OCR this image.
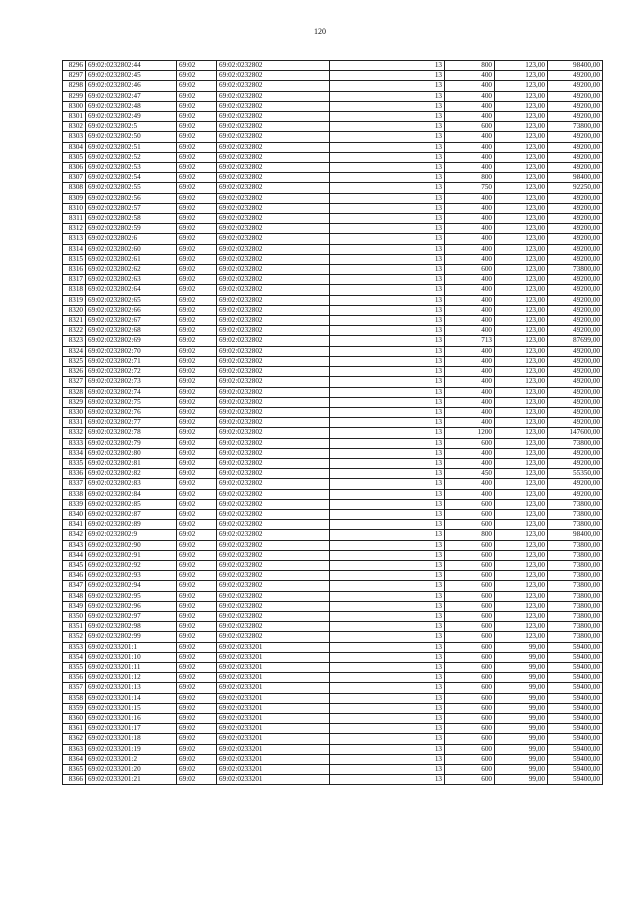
120
8296	69:02:0232802:44	69:02	69:02:0232802	13	800	123,00	98400,00
8297	69:02:0232802:45	69:02	69:02:0232802	13	400	123,00	49200,00
8298	69:02:0232802:46	69:02	69:02:0232802	13	400	123,00	49200,00
8299	69:02:0232802:47	69:02	69:02:0232802	13	400	123,00	49200,00
8300	69:02:0232802:48	69:02	69:02:0232802	13	400	123,00	49200,00
8301	69:02:0232802:49	69:02	69:02:0232802	13	400	123,00	49200,00
8302	69:02:0232802:5	69:02	69:02:0232802	13	600	123,00	73800,00
8303	69:02:0232802:50	69:02	69:02:0232802	13	400	123,00	49200,00
8304	69:02:0232802:51	69:02	69:02:0232802	13	400	123,00	49200,00
8305	69:02:0232802:52	69:02	69:02:0232802	13	400	123,00	49200,00
8306	69:02:0232802:53	69:02	69:02:0232802	13	400	123,00	49200,00
8307	69:02:0232802:54	69:02	69:02:0232802	13	800	123,00	98400,00
8308	69:02:0232802:55	69:02	69:02:0232802	13	750	123,00	92250,00
8309	69:02:0232802:56	69:02	69:02:0232802	13	400	123,00	49200,00
8310	69:02:0232802:57	69:02	69:02:0232802	13	400	123,00	49200,00
8311	69:02:0232802:58	69:02	69:02:0232802	13	400	123,00	49200,00
8312	69:02:0232802:59	69:02	69:02:0232802	13	400	123,00	49200,00
8313	69:02:0232802:6	69:02	69:02:0232802	13	400	123,00	49200,00
8314	69:02:0232802:60	69:02	69:02:0232802	13	400	123,00	49200,00
8315	69:02:0232802:61	69:02	69:02:0232802	13	400	123,00	49200,00
8316	69:02:0232802:62	69:02	69:02:0232802	13	600	123,00	73800,00
8317	69:02:0232802:63	69:02	69:02:0232802	13	400	123,00	49200,00
8318	69:02:0232802:64	69:02	69:02:0232802	13	400	123,00	49200,00
8319	69:02:0232802:65	69:02	69:02:0232802	13	400	123,00	49200,00
8320	69:02:0232802:66	69:02	69:02:0232802	13	400	123,00	49200,00
8321	69:02:0232802:67	69:02	69:02:0232802	13	400	123,00	49200,00
8322	69:02:0232802:68	69:02	69:02:0232802	13	400	123,00	49200,00
8323	69:02:0232802:69	69:02	69:02:0232802	13	713	123,00	87699,00
8324	69:02:0232802:70	69:02	69:02:0232802	13	400	123,00	49200,00
8325	69:02:0232802:71	69:02	69:02:0232802	13	400	123,00	49200,00
8326	69:02:0232802:72	69:02	69:02:0232802	13	400	123,00	49200,00
8327	69:02:0232802:73	69:02	69:02:0232802	13	400	123,00	49200,00
8328	69:02:0232802:74	69:02	69:02:0232802	13	400	123,00	49200,00
8329	69:02:0232802:75	69:02	69:02:0232802	13	400	123,00	49200,00
8330	69:02:0232802:76	69:02	69:02:0232802	13	400	123,00	49200,00
8331	69:02:0232802:77	69:02	69:02:0232802	13	400	123,00	49200,00
8332	69:02:0232802:78	69:02	69:02:0232802	13	1200	123,00	147600,00
8333	69:02:0232802:79	69:02	69:02:0232802	13	600	123,00	73800,00
8334	69:02:0232802:80	69:02	69:02:0232802	13	400	123,00	49200,00
8335	69:02:0232802:81	69:02	69:02:0232802	13	400	123,00	49200,00
8336	69:02:0232802:82	69:02	69:02:0232802	13	450	123,00	55350,00
8337	69:02:0232802:83	69:02	69:02:0232802	13	400	123,00	49200,00
8338	69:02:0232802:84	69:02	69:02:0232802	13	400	123,00	49200,00
8339	69:02:0232802:85	69:02	69:02:0232802	13	600	123,00	73800,00
8340	69:02:0232802:87	69:02	69:02:0232802	13	600	123,00	73800,00
8341	69:02:0232802:89	69:02	69:02:0232802	13	600	123,00	73800,00
8342	69:02:0232802:9	69:02	69:02:0232802	13	800	123,00	98400,00
8343	69:02:0232802:90	69:02	69:02:0232802	13	600	123,00	73800,00
8344	69:02:0232802:91	69:02	69:02:0232802	13	600	123,00	73800,00
8345	69:02:0232802:92	69:02	69:02:0232802	13	600	123,00	73800,00
8346	69:02:0232802:93	69:02	69:02:0232802	13	600	123,00	73800,00
8347	69:02:0232802:94	69:02	69:02:0232802	13	600	123,00	73800,00
8348	69:02:0232802:95	69:02	69:02:0232802	13	600	123,00	73800,00
8349	69:02:0232802:96	69:02	69:02:0232802	13	600	123,00	73800,00
8350	69:02:0232802:97	69:02	69:02:0232802	13	600	123,00	73800,00
8351	69:02:0232802:98	69:02	69:02:0232802	13	600	123,00	73800,00
8352	69:02:0232802:99	69:02	69:02:0232802	13	600	123,00	73800,00
8353	69:02:0233201:1	69:02	69:02:0233201	13	600	99,00	59400,00
8354	69:02:0233201:10	69:02	69:02:0233201	13	600	99,00	59400,00
8355	69:02:0233201:11	69:02	69:02:0233201	13	600	99,00	59400,00
8356	69:02:0233201:12	69:02	69:02:0233201	13	600	99,00	59400,00
8357	69:02:0233201:13	69:02	69:02:0233201	13	600	99,00	59400,00
8358	69:02:0233201:14	69:02	69:02:0233201	13	600	99,00	59400,00
8359	69:02:0233201:15	69:02	69:02:0233201	13	600	99,00	59400,00
8360	69:02:0233201:16	69:02	69:02:0233201	13	600	99,00	59400,00
8361	69:02:0233201:17	69:02	69:02:0233201	13	600	99,00	59400,00
8362	69:02:0233201:18	69:02	69:02:0233201	13	600	99,00	59400,00
8363	69:02:0233201:19	69:02	69:02:0233201	13	600	99,00	59400,00
8364	69:02:0233201:2	69:02	69:02:0233201	13	600	99,00	59400,00
8365	69:02:0233201:20	69:02	69:02:0233201	13	600	99,00	59400,00
8366	69:02:0233201:21	69:02	69:02:0233201	13	600	99,00	59400,00
